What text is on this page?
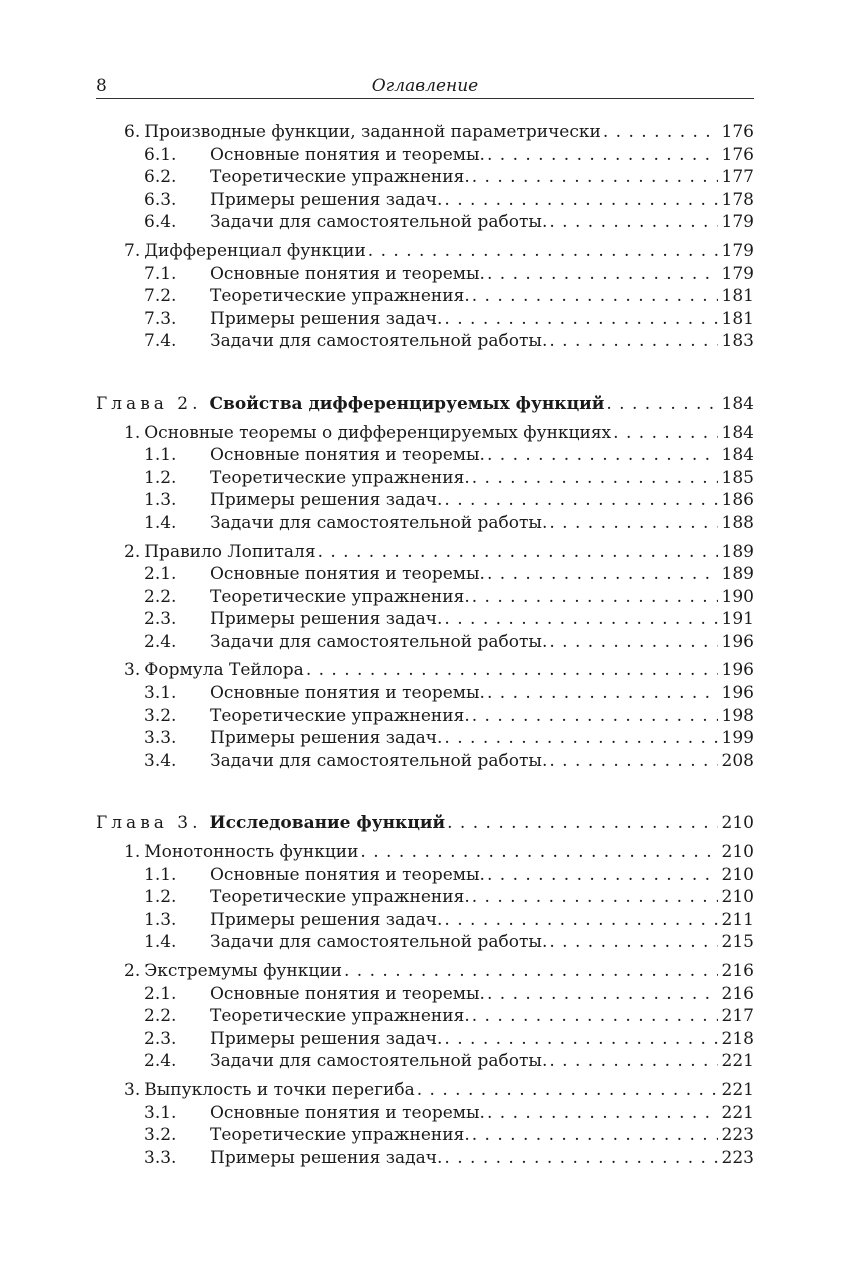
8	Оглавление
6. Производные функции, заданной параметрически . . .	176
6.1. Основные понятия и теоремы. . . .	176
6.2. Теоретические упражнения. . . .	177
6.3. Примеры решения задач. . . .	178
6.4. Задачи для самостоятельной работы. . . .	179
7. Дифференциал функции . . .	179
7.1. Основные понятия и теоремы. . . .	179
7.2. Теоретические упражнения. . . .	181
7.3. Примеры решения задач. . . .	181
7.4. Задачи для самостоятельной работы. . . .	183
Глава 2. Свойства дифференцируемых функций . . .	184
1. Основные теоремы о дифференцируемых функциях . . .	184
1.1. Основные понятия и теоремы. . . .	184
1.2. Теоретические упражнения. . . .	185
1.3. Примеры решения задач. . . .	186
1.4. Задачи для самостоятельной работы. . . .	188
2. Правило Лопиталя . . .	189
2.1. Основные понятия и теоремы. . . .	189
2.2. Теоретические упражнения. . . .	190
2.3. Примеры решения задач. . . .	191
2.4. Задачи для самостоятельной работы. . . .	196
3. Формула Тейлора . . .	196
3.1. Основные понятия и теоремы. . . .	196
3.2. Теоретические упражнения. . . .	198
3.3. Примеры решения задач. . . .	199
3.4. Задачи для самостоятельной работы. . . .	208
Глава 3. Исследование функций . . .	210
1. Монотонность функции . . .	210
1.1. Основные понятия и теоремы. . . .	210
1.2. Теоретические упражнения. . . .	210
1.3. Примеры решения задач. . . .	211
1.4. Задачи для самостоятельной работы. . . .	215
2. Экстремумы функции . . .	216
2.1. Основные понятия и теоремы. . . .	216
2.2. Теоретические упражнения. . . .	217
2.3. Примеры решения задач. . . .	218
2.4. Задачи для самостоятельной работы. . . .	221
3. Выпуклость и точки перегиба . . .	221
3.1. Основные понятия и теоремы. . . .	221
3.2. Теоретические упражнения. . . .	223
3.3. Примеры решения задач. . . .	223
